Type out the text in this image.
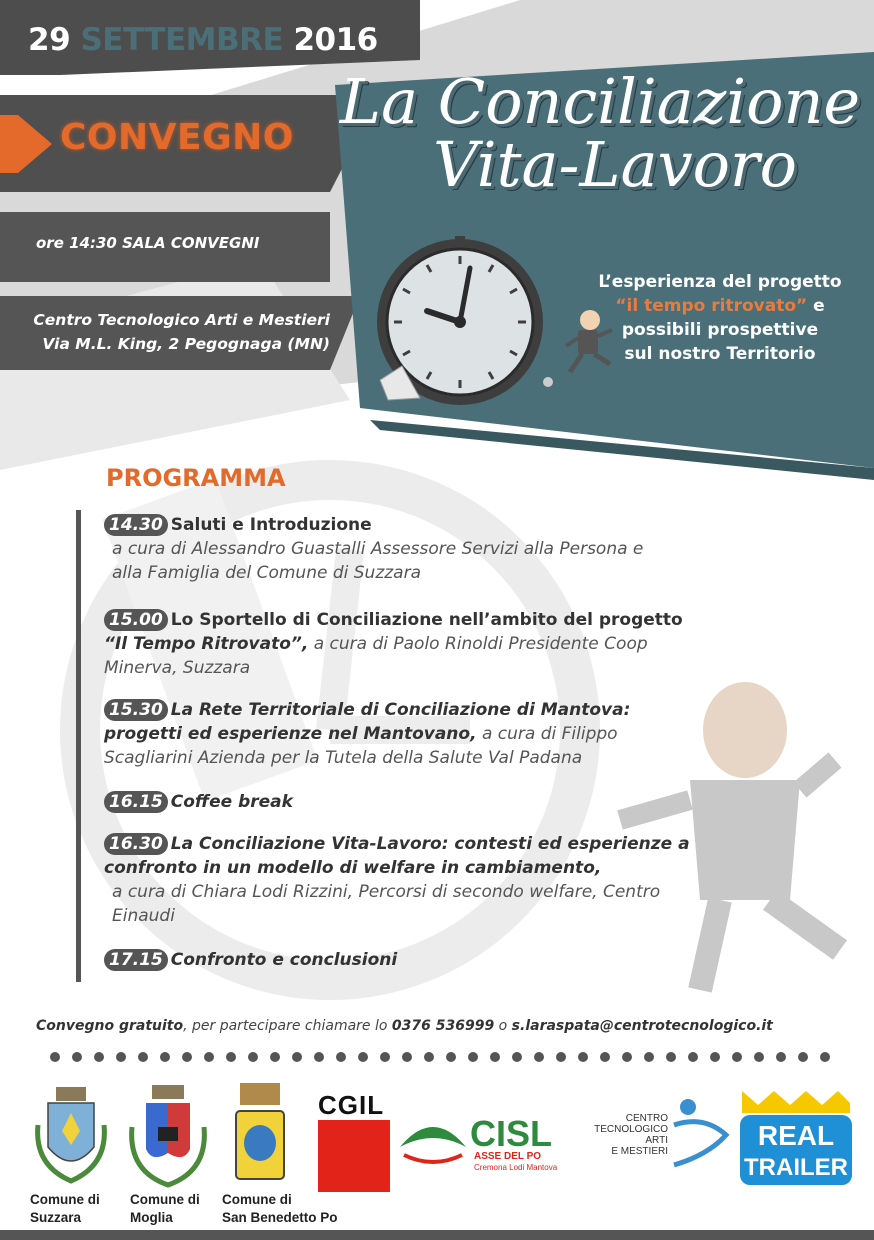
29 SETTEMBRE 2016
CONVEGNO La Conciliazione
Vita-Lavoro
ore 14:30 SALA CONVEGNI
Centro Tecnologico Arti e Mestieri
Via M.L. King, 2 Pegognaga (MN)
L’esperienza del progetto
“il tempo ritrovato” e
possibili prospettive
sul nostro Territorio
PROGRAMMA
14.30 Saluti e Introduzione
a cura di Alessandro Guastalli Assessore Servizi alla Persona e
alla Famiglia del Comune di Suzzara
15.00 Lo Sportello di Conciliazione nell’ambito del progetto
“Il Tempo Ritrovato”, a cura di Paolo Rinoldi Presidente Coop
Minerva, Suzzara
15.30 La Rete Territoriale di Conciliazione di Mantova:
progetti ed esperienze nel Mantovano, a cura di Filippo
Scagliarini Azienda per la Tutela della Salute Val Padana
16.15 Coffee break
16.30 La Conciliazione Vita-Lavoro: contesti ed esperienze a
confronto in un modello di welfare in cambiamento,
a cura di Chiara Lodi Rizzini, Percorsi di secondo welfare, Centro
Einaudi
17.15 Confronto e conclusioni
Convegno gratuito, per partecipare chiamare lo 0376 536999 o s.laraspata@centrotecnologico.it
Comune di
Suzzara
Comune di
Moglia
Comune di
San Benedetto Po
CGIL
CISL
ASSE DEL PO
Cremona Lodi Mantova
CENTRO
TECNOLOGICO
ARTI
E MESTIERI
REAL
TRAILER
